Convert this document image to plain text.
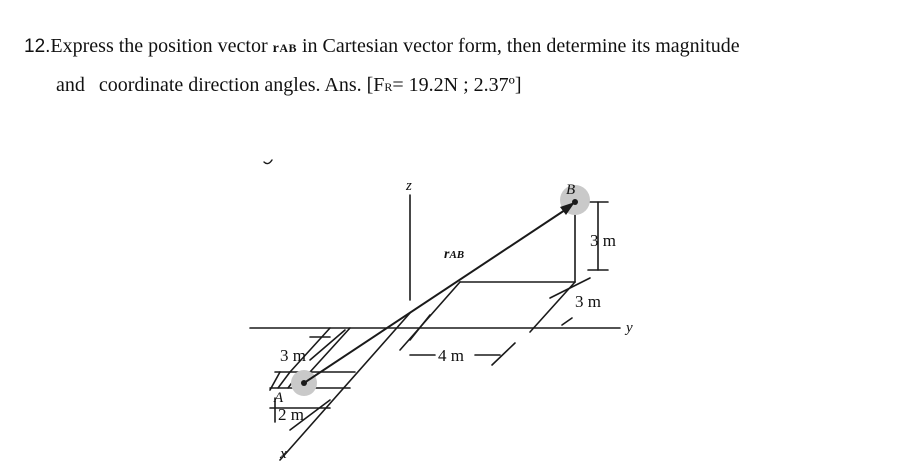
12.Express the position vector rAB in Cartesian vector form, then determine its magnitude
and coordinate direction angles. Ans. [FR= 19.2N ; 2.37º]
z
y
x
A
B
rAB
3 m
3 m
3 m	4 m
2 m
